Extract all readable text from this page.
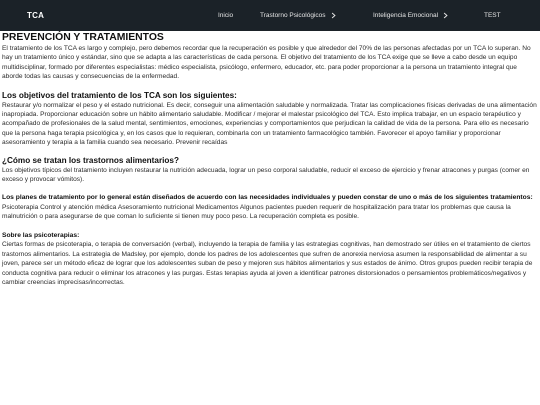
TCA	Inicio	Trastorno Psicológicos	Inteligencia Emocional	TEST
PREVENCIÓN Y TRATAMIENTOS

El tratamiento de los TCA es largo y complejo, pero debemos recordar que la recuperación es posible y que alrededor del 70% de las personas afectadas por un TCA lo superan. No hay un tratamiento único y estándar, sino que se adapta a las características de cada persona. El objetivo del tratamiento de los TCA exige que se lleve a cabo desde un equipo multidisciplinar, formado por diferentes especialistas: médico especialista, psicólogo, enfermero, educador, etc. para poder proporcionar a la persona un tratamiento integral que aborde todas las causas y consecuencias de la enfermedad.

Los objetivos del tratamiento de los TCA son los siguientes:

Restaurar y/o normalizar el peso y el estado nutricional. Es decir, conseguir una alimentación saludable y normalizada. Tratar las complicaciones físicas derivadas de una alimentación inapropiada. Proporcionar educación sobre un hábito alimentario saludable. Modificar / mejorar el malestar psicológico del TCA. Esto implica trabajar, en un espacio terapéutico y acompañado de profesionales de la salud mental, sentimientos, emociones, experiencias y comportamientos que perjudican la calidad de vida de la persona. Para ello es necesario que la persona haga terapia psicológica y, en los casos que lo requieran, combinarla con un tratamiento farmacológico también. Favorecer el apoyo familiar y proporcionar asesoramiento y terapia a la familia cuando sea necesario. Prevenir recaídas

¿Cómo se tratan los trastornos alimentarios?

Los objetivos típicos del tratamiento incluyen restaurar la nutrición adecuada, lograr un peso corporal saludable, reducir el exceso de ejercicio y frenar atracones y purgas (comer en exceso y provocar vómitos).

Los planes de tratamiento por lo general están diseñados de acuerdo con las necesidades individuales y pueden constar de uno o más de los siguientes tratamientos:

Psicoterapia Control y atención médica Asesoramiento nutricional Medicamentos Algunos pacientes pueden requerir de hospitalización para tratar los problemas que causa la malnutrición o para asegurarse de que coman lo suficiente si tienen muy poco peso. La recuperación completa es posible.

Sobre las psicoterapias:

Ciertas formas de psicoterapia, o terapia de conversación (verbal), incluyendo la terapia de familia y las estrategias cognitivas, han demostrado ser útiles en el tratamiento de ciertos trastornos alimentarios. La estrategia de Madsley, por ejemplo, donde los padres de los adolescentes que sufren de anorexia nerviosa asumen la responsabilidad de alimentar a su joven, parece ser un método eficaz de lograr que los adolescentes suban de peso y mejoren sus hábitos alimentarios y sus estados de ánimo. Otros grupos pueden recibir terapia de conducta cognitiva para reducir o eliminar los atracones y las purgas. Estas terapias ayuda al joven a identificar patrones distorsionados o pensamientos problemáticos/negativos y cambiar creencias imprecisas/incorrectas.
